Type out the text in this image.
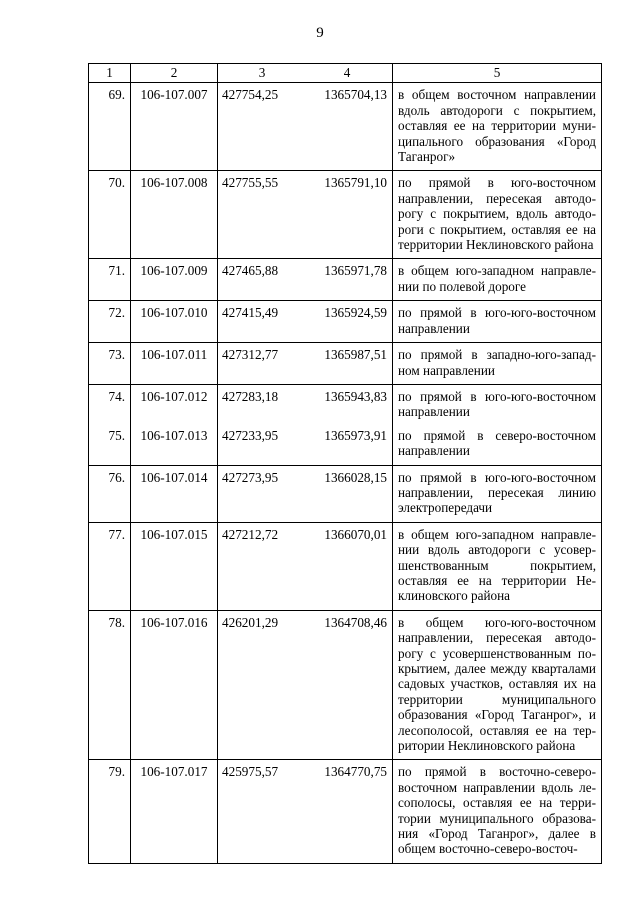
9
1	2	3	4	5
69.	106-107.007	427754,25	1365704,13	в общем восточном направлении вдоль автодороги с покрытием, оставляя ее на территории муниципального образования «Город Таганрог»
70.	106-107.008	427755,55	1365791,10	по прямой в юго-восточном направлении, пересекая автодорогу с покрытием, вдоль автодороги с покрытием, оставляя ее на территории Неклиновского района
71.	106-107.009	427465,88	1365971,78	в общем юго-западном направлении по полевой дороге
72.	106-107.010	427415,49	1365924,59	по прямой в юго-юго-восточном направлении
73.	106-107.011	427312,77	1365987,51	по прямой в западно-юго-западном направлении
74.	106-107.012	427283,18	1365943,83	по прямой в юго-юго-восточном направлении
75.	106-107.013	427233,95	1365973,91	по прямой в северо-восточном направлении
76.	106-107.014	427273,95	1366028,15	по прямой в юго-юго-восточном направлении, пересекая линию электропередачи
77.	106-107.015	427212,72	1366070,01	в общем юго-западном направлении вдоль автодороги с усовершенствованным покрытием, оставляя ее на территории Неклиновского района
78.	106-107.016	426201,29	1364708,46	в общем юго-юго-восточном направлении, пересекая автодорогу с усовершенствованным покрытием, далее между кварталами садовых участков, оставляя их на территории муниципального образования «Город Таганрог», и лесополосой, оставляя ее на территории Неклиновского района
79.	106-107.017	425975,57	1364770,75	по прямой в восточно-северо-восточном направлении вдоль лесополосы, оставляя ее на территории муниципального образования «Город Таганрог», далее в общем восточно-северо-восточ-
